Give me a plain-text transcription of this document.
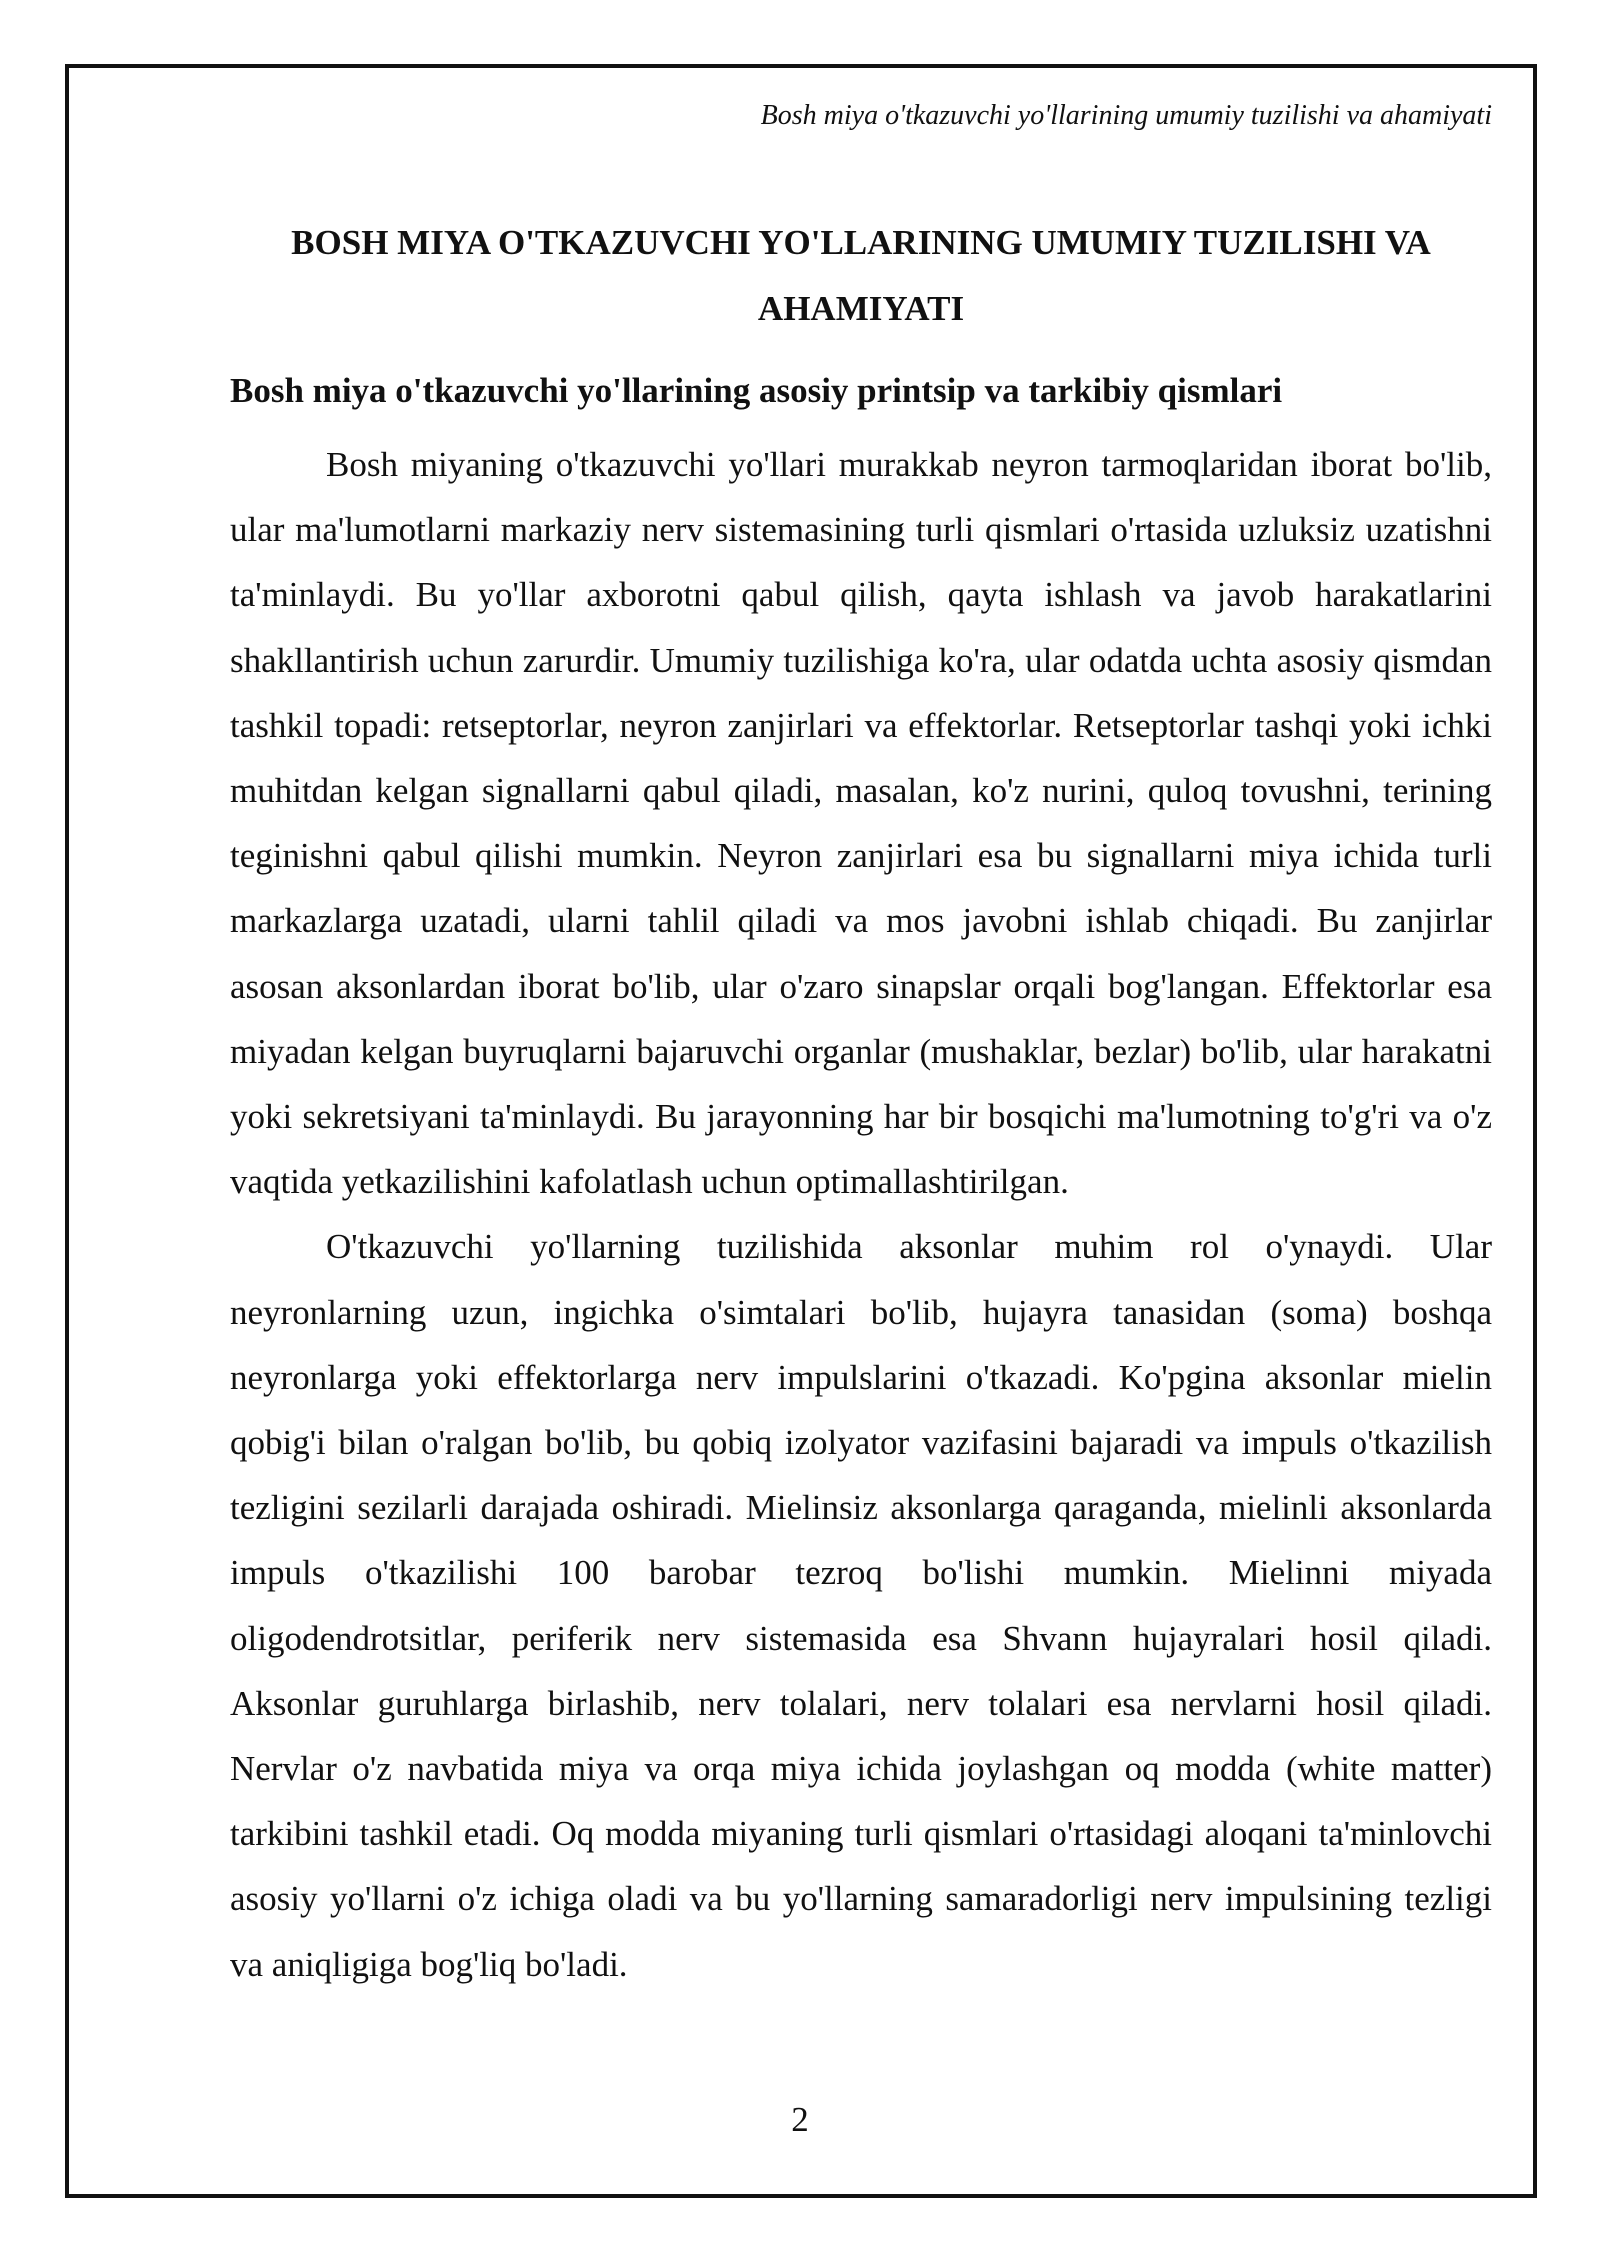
Bosh miya o'tkazuvchi yo'llarining umumiy tuzilishi va ahamiyati
BOSH MIYA O'TKAZUVCHI YO'LLARINING UMUMIY TUZILISHI VA AHAMIYATI
Bosh miya o'tkazuvchi yo'llarining asosiy printsip va tarkibiy qismlari

Bosh miyaning o'tkazuvchi yo'llari murakkab neyron tarmoqlaridan iborat bo'lib, ular ma'lumotlarni markaziy nerv sistemasining turli qismlari o'rtasida uzluksiz uzatishni ta'minlaydi. Bu yo'llar axborotni qabul qilish, qayta ishlash va javob harakatlarini shakllantirish uchun zarurdir. Umumiy tuzilishiga ko'ra, ular odatda uchta asosiy qismdan tashkil topadi: retseptorlar, neyron zanjirlari va effektorlar. Retseptorlar tashqi yoki ichki muhitdan kelgan signallarni qabul qiladi, masalan, ko'z nurini, quloq tovushni, terining teginishni qabul qilishi mumkin. Neyron zanjirlari esa bu signallarni miya ichida turli markazlarga uzatadi, ularni tahlil qiladi va mos javobni ishlab chiqadi. Bu zanjirlar asosan aksonlardan iborat bo'lib, ular o'zaro sinapslar orqali bog'langan. Effektorlar esa miyadan kelgan buyruqlarni bajaruvchi organlar (mushaklar, bezlar) bo'lib, ular harakatni yoki sekretsiyani ta'minlaydi. Bu jarayonning har bir bosqichi ma'lumotning to'g'ri va o'z vaqtida yetkazilishini kafolatlash uchun optimallashtirilgan.

O'tkazuvchi yo'llarning tuzilishida aksonlar muhim rol o'ynaydi. Ular neyronlarning uzun, ingichka o'simtalari bo'lib, hujayra tanasidan (soma) boshqa neyronlarga yoki effektorlarga nerv impulslarini o'tkazadi. Ko'pgina aksonlar mielin qobig'i bilan o'ralgan bo'lib, bu qobiq izolyator vazifasini bajaradi va impuls o'tkazilish tezligini sezilarli darajada oshiradi. Mielinsiz aksonlarga qaraganda, mielinli aksonlarda impuls o'tkazilishi 100 barobar tezroq bo'lishi mumkin. Mielinni miyada oligodendrotsitlar, periferik nerv sistemasida esa Shvann hujayralari hosil qiladi. Aksonlar guruhlarga birlashib, nerv tolalari, nerv tolalari esa nervlarni hosil qiladi. Nervlar o'z navbatida miya va orqa miya ichida joylashgan oq modda (white matter) tarkibini tashkil etadi. Oq modda miyaning turli qismlari o'rtasidagi aloqani ta'minlovchi asosiy yo'llarni o'z ichiga oladi va bu yo'llarning samaradorligi nerv impulsining tezligi va aniqligiga bog'liq bo'ladi.

2
